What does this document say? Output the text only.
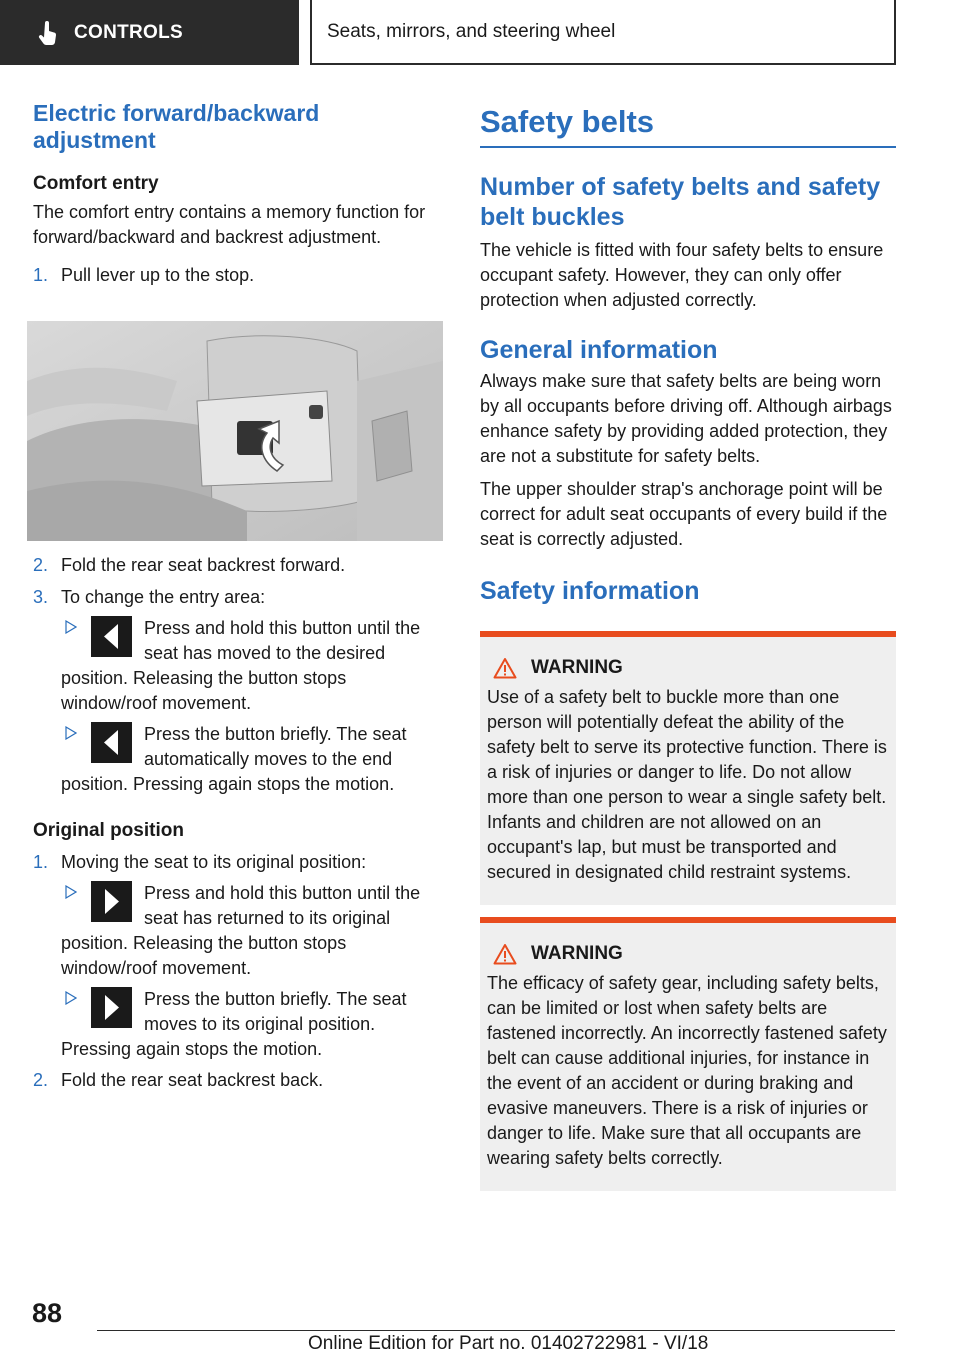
CONTROLS	Seats, mirrors, and steering wheel
Electric forward/backward adjustment
Comfort entry
The comfort entry contains a memory function for forward/backward and backrest adjustment.
1. Pull lever up to the stop.
2. Fold the rear seat backrest forward.
3. To change the entry area:
Press and hold this button until the seat has moved to the desired position. Releasing the button stops window/roof movement.
Press the button briefly. The seat automatically moves to the end position. Pressing again stops the motion.
Original position
1. Moving the seat to its original position:
Press and hold this button until the seat has returned to its original position. Releasing the button stops window/roof movement.
Press the button briefly. The seat moves to its original position. Pressing again stops the motion.
2. Fold the rear seat backrest back.
Safety belts
Number of safety belts and safety belt buckles
The vehicle is fitted with four safety belts to ensure occupant safety. However, they can only offer protection when adjusted correctly.
General information
Always make sure that safety belts are being worn by all occupants before driving off. Although airbags enhance safety by providing added protection, they are not a substitute for safety belts.
The upper shoulder strap's anchorage point will be correct for adult seat occupants of every build if the seat is correctly adjusted.
Safety information
WARNING
Use of a safety belt to buckle more than one person will potentially defeat the ability of the safety belt to serve its protective function. There is a risk of injuries or danger to life. Do not allow more than one person to wear a single safety belt. Infants and children are not allowed on an occupant's lap, but must be transported and secured in designated child restraint systems.
WARNING
The efficacy of safety gear, including safety belts, can be limited or lost when safety belts are fastened incorrectly. An incorrectly fastened safety belt can cause additional injuries, for instance in the event of an accident or during braking and evasive maneuvers. There is a risk of injuries or danger to life. Make sure that all occupants are wearing safety belts correctly.
88
Online Edition for Part no. 01402722981 - VI/18
